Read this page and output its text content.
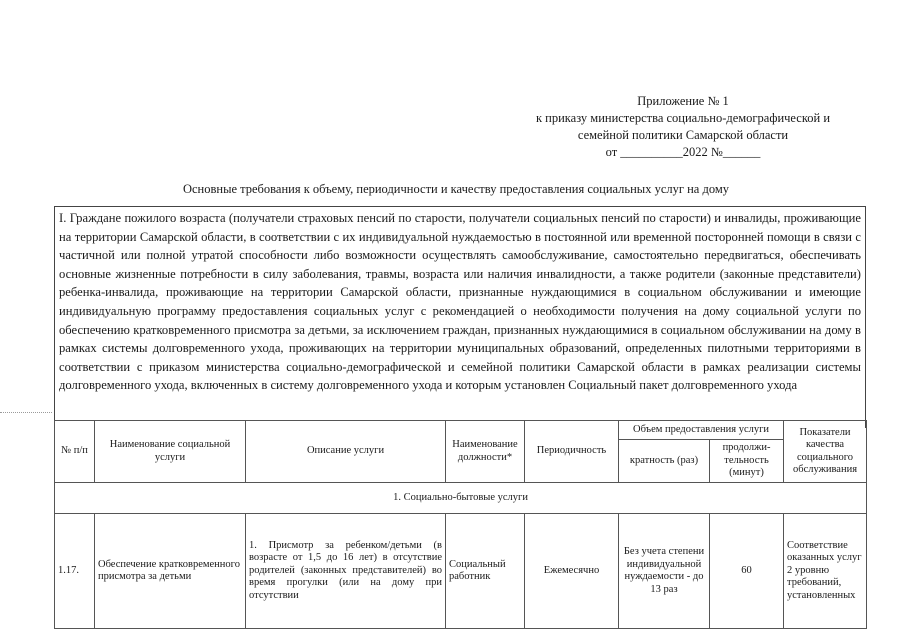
Приложение № 1
к приказу министерства социально-демографической и
семейной политики Самарской области
от __________2022 №______
Основные требования к объему, периодичности и качеству предоставления социальных услуг на дому
I. Граждане пожилого возраста (получатели страховых пенсий по старости, получатели социальных пенсий по старости) и инвалиды, проживающие на территории Самарской области, в соответствии с их индивидуальной нуждаемостью в постоянной или временной посторонней помощи в связи с частичной или полной утратой способности либо возможности осуществлять самообслуживание, самостоятельно передвигаться, обеспечивать основные жизненные потребности в силу заболевания, травмы, возраста или наличия инвалидности, а также родители (законные представители) ребенка-инвалида, проживающие на территории Самарской области, признанные нуждающимися в социальном обслуживании и имеющие индивидуальную программу предоставления социальных услуг с рекомендацией о необходимости получения на дому социальной услуги по обеспечению кратковременного присмотра за детьми, за исключением граждан, признанных нуждающимися в социальном обслуживании на дому в рамках системы долговременного ухода, проживающих на территории муниципальных образований, определенных пилотными территориями в соответствии с приказом министерства социально-демографической и семейной политики Самарской области в рамках реализации системы долговременного ухода, включенных в систему долговременного ухода и которым установлен Социальный пакет долговременного ухода
№ п/п	Наименование социальной услуги	Описание услуги	Наименование должности*	Периодичность	Объем предоставления услуги		Показатели качества социального обслуживания
					кратность (раз)	продолжи-тельность (минут)	
1. Социально-бытовые услуги							
1.17.	Обеспечение кратковременного присмотра за детьми	1. Присмотр за ребенком/детьми (в возрасте от 1,5 до 16 лет) в отсутствие родителей (законных представителей) во время прогулки (или на дому при отсутствии	Социальный работник	Ежемесячно	Без учета степени индивидуальной нуждаемости - до 13 раз	60	Соответствие оказанных услуг 2 уровню требований, установленных
